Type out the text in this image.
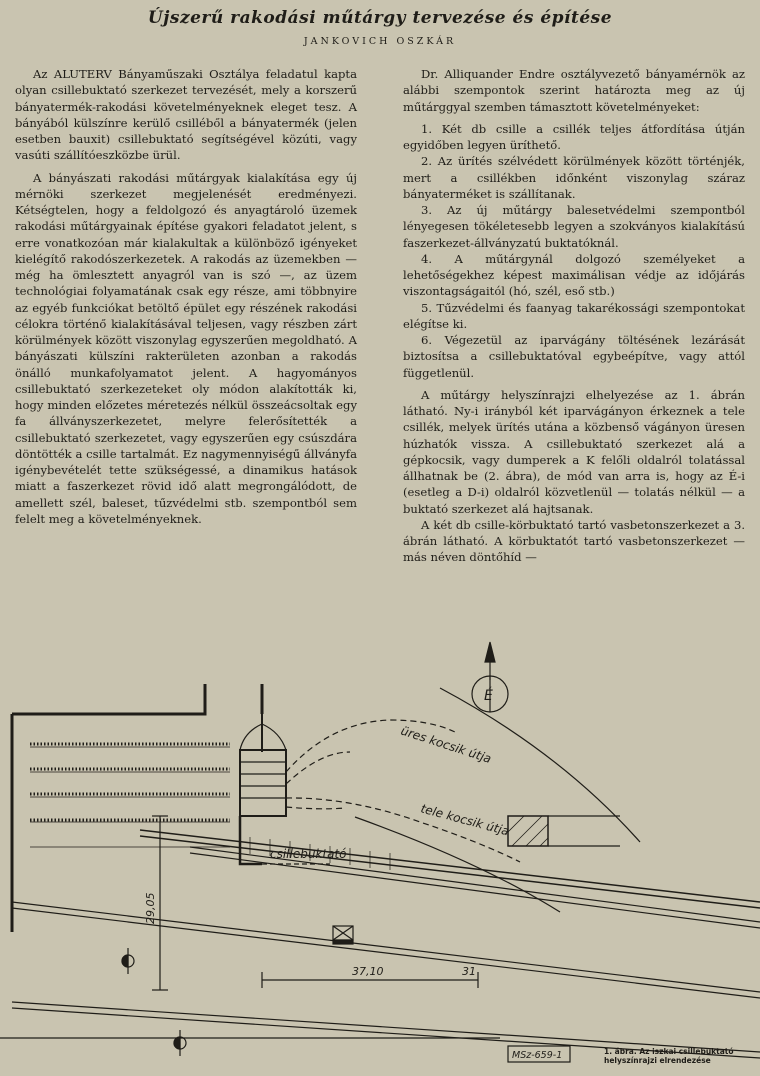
Újszerű rakodási műtárgy tervezése és építése
JANKOVICH OSZKÁR

Az ALUTERV Bányaműszaki Osztálya feladatul kapta olyan csillebuktató szerkezet tervezését, mely a korszerű bányatermék-rakodási követelményeknek eleget tesz. A bányából külszínre kerülő csilléből a bányatermék (jelen esetben bauxit) csillebuktató segítségével közúti, vagy vasúti szállítóeszközbe ürül.

A bányászati rakodási műtárgyak kialakítása egy új mérnöki szerkezet megjelenését eredményezi. Kétségtelen, hogy a feldolgozó és anyagtároló üzemek rakodási műtárgyainak építése gyakori feladatot jelent, s erre vonatkozóan már kialakultak a különböző igényeket kielégítő rakodószerkezetek. A rakodás az üzemekben — még ha ömlesztett anyagról van is szó —, az üzem technológiai folyamatának csak egy része, ami többnyire az egyéb funkciókat betöltő épület egy részének rakodási célokra történő kialakításával teljesen, vagy részben zárt körülmények között viszonylag egyszerűen megoldható. A bányászati külszíni rakterületen azonban a rakodás önálló munkafolyamatot jelent. A hagyományos csillebuktató szerkezeteket oly módon alakították ki, hogy minden előzetes méretezés nélkül összeácsoltak egy fa állványszerkezetet, melyre felerősítették a csillebuktató szerkezetet, vagy egyszerűen egy csúszdára döntötték a csille tartalmát. Ez nagymennyiségű állványfa igénybevételét tette szükségessé, a dinamikus hatások miatt a faszerkezet rövid idő alatt megrongálódott, de amellett szél, baleset, tűzvédelmi stb. szempontból sem felelt meg a követelményeknek.

Dr. Alliquander Endre osztályvezető bányamérnök az alábbi szempontok szerint határozta meg az új műtárggyal szemben támasztott követelményeket:

1. Két db csille a csillék teljes átfordítása útján egyidőben legyen üríthető.

2. Az ürítés szélvédett körülmények között történjék, mert a csillékben időnként viszonylag száraz bányaterméket is szállítanak.

3. Az új műtárgy balesetvédelmi szempontból lényegesen tökéletesebb legyen a szokványos kialakítású faszerkezet-állványzatú buktatóknál.

4. A műtárgynál dolgozó személyeket a lehetőségekhez képest maximálisan védje az időjárás viszontagságaitól (hó, szél, eső stb.)

5. Tűzvédelmi és faanyag takarékossági szempontokat elégítse ki.

6. Végezetül az iparvágány töltésének lezárását biztosítsa a csillebuktatóval egybeépítve, vagy attól függetlenül.

A műtárgy helyszínrajzi elhelyezése az 1. ábrán látható. Ny-i irányból két iparvágányon érkeznek a tele csillék, melyek ürítés utána a közbenső vágányon üresen húzhatók vissza. A csillebuktató szerkezet alá a gépkocsik, vagy dumperek a K felőli oldalról tolatással állhatnak be (2. ábra), de mód van arra is, hogy az É-i (esetleg a D-i) oldalról közvetlenül — tolatás nélkül — a buktató szerkezet alá hajtsanak.

A két db csille-körbuktató tartó vasbetonszerkezet a 3. ábrán látható. A körbuktatót tartó vasbetonszerkezet — más néven döntőhíd —

üres kocsik útja
tele kocsik útja
csillebuktató
29,05
37,10	31
É
MSz-659-1	1. ábra. Az iszkai csillebuktató helyszínrajzi elrendezése
